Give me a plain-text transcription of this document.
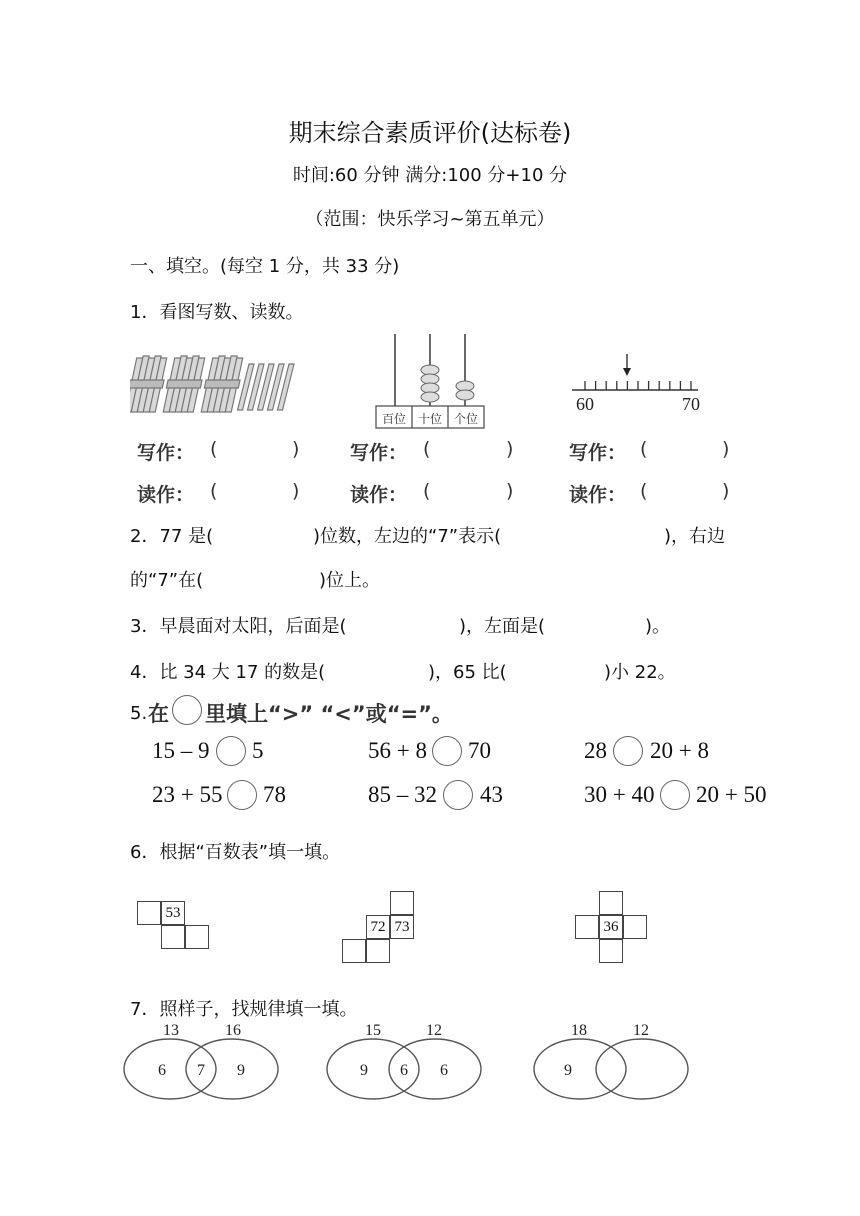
期末综合素质评价(达标卷)
时间:60 分钟 满分:100 分+10 分
（范围：快乐学习~第五单元）
一、填空。(每空 1 分，共 33 分)
1．看图写数、读数。
百位 十位 个位
60	70
写作： (	)	写作： (	)	写作： (	)
读作： (	)	读作： (	)	读作： (	)
2．77 是(	)位数，左边的“7”表示(	)，右边
的“7”在(	)位上。
3．早晨面对太阳，后面是(	)，左面是(	)。
4．比 34 大 17 的数是(	)，65 比(	)小 22。
5. 在 里填上“>” “<”或“=”。
15 – 9 5	56 + 8 70	28 20 + 8
23 + 55 78	85 – 32 43	30 + 40 20 + 50
6．根据“百数表”填一填。
53
72 73	36
7．照样子，找规律填一填。
13	16
6 7 9
15	12
9 6 6
18	12
9
